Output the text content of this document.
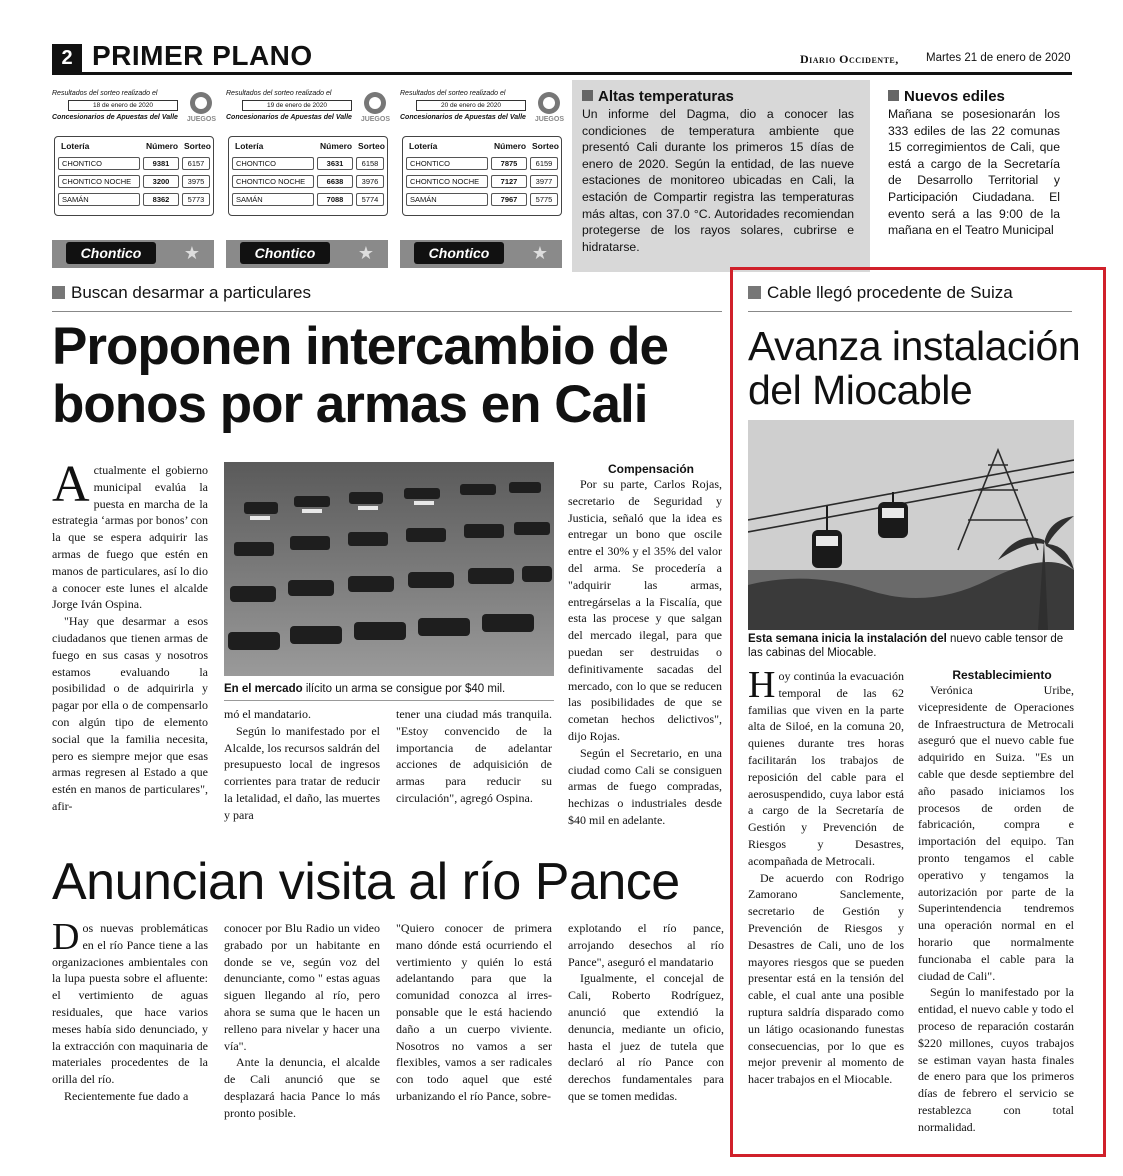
2 PRIMER PLANO	Diario Occidente, Martes 21 de enero de 2020
Resultados del sorteo realizado el
18 de enero de 2020
Concesionarios de Apuestas del Valle JUEGOS
Lotería	Número Sorteo
CHONTICO	9381	6157
CHONTICO NOCHE	3200	3975
SAMÁN	8362	5773
Chontico	★
Resultados del sorteo realizado el
19 de enero de 2020
Concesionarios de Apuestas del Valle JUEGOS
Lotería	Número Sorteo
CHONTICO	3631	6158
CHONTICO NOCHE	6638	3976
SAMÁN	7088	5774
Chontico	★
Resultados del sorteo realizado el
20 de enero de 2020
Concesionarios de Apuestas del Valle JUEGOS
Lotería	Número Sorteo
CHONTICO	7875	6159
CHONTICO NOCHE	7127	3977
SAMÁN	7967	5775
Chontico	★
Altas temperaturas
Un informe del Dagma, dio a conocer las condiciones de temperatura ambiente que presentó Cali durante los primeros 15 días de enero de 2020. Según la entidad, de las nueve estaciones de monitoreo ubicadas en Cali, la estación de Compartir registra las temperaturas más altas, con 37.0 °C. Autoridades recomiendan protegerse de los rayos solares, cubrirse e hidratarse.
Nuevos ediles
Mañana se posesionarán los 333 ediles de las 22 comunas 15 corregimientos de Cali, que está a cargo de la Secretaría de Desarrollo Territorial y Participación Ciudadana. El evento será a las 9:00 de la mañana en el Teatro Municipal
Buscan desarmar a particulares
Proponen intercambio de bonos por armas en Cali

Actualmente el gobierno municipal evalúa la puesta en marcha de la estrategia ‘armas por bonos’ con la que se espera adquirir las armas de fuego que estén en manos de particulares, así lo dio a conocer este lunes el alcalde Jorge Iván Ospina.

"Hay que desarmar a esos ciudadanos que tienen armas de fuego en sus casas y nosotros estamos evaluando la posibilidad o de adquirirla y pagar por ella o de compensarlo con algún tipo de elemento social que la familia necesita, pero es siempre mejor que esas armas regresen al Estado a que estén en manos de particulares", afir-

En el mercado ilícito un arma se consigue por $40 mil.

mó el mandatario.

Según lo manifestado por el Alcalde, los recursos saldrán del presupuesto local de ingresos corrientes para tratar de reducir la letalidad, el daño, las muertes y para

tener una ciudad más tranquila. "Estoy convencido de la importancia de adelantar acciones de adquisición de armas para reducir su circulación", agregó Ospina.

Compensación

Por su parte, Carlos Rojas, secretario de Seguridad y Justicia, señaló que la idea es entregar un bono que oscile entre el 30% y el 35% del valor del arma. Se procedería a "adquirir las armas, entregárselas a la Fiscalía, que esta las procese y que salgan del mercado ilegal, para que puedan ser destruidas o definitivamente sacadas del mercado, con lo que se reducen las posibilidades de que se cometan hechos delictivos", dijo Rojas.

Según el Secretario, en una ciudad como Cali se consiguen armas de fuego compradas, hechizas o industriales desde $40 mil en adelante.

Anuncian visita al río Pance

Dos nuevas problemáticas en el río Pance tiene a las organizaciones ambientales con la lupa puesta sobre el afluente: el vertimiento de aguas residuales, que hace varios meses había sido denunciado, y la extracción con maquinaria de materiales procedentes de la orilla del río.

Recientemente fue dado a

conocer por Blu Radio un video grabado por un habitante en donde se ve, según voz del denunciante, como " estas aguas siguen llegando al río, pero ahora se suma que le hacen un relleno para nivelar y hacer una vía".

Ante la denuncia, el alcalde de Cali anunció que se desplazará hacia Pance lo más pronto posible.

"Quiero conocer de primera mano dónde está ocurriendo el vertimiento y quién lo está adelantando para que la comunidad conozca al irres-ponsable que le está haciendo daño a un cuerpo viviente. Nosotros no vamos a ser flexibles, vamos a ser radicales con todo aquel que esté urbanizando el río Pance, sobre-

explotando el río pance, arrojando desechos al río Pance", aseguró el mandatario

Igualmente, el concejal de Cali, Roberto Rodríguez, anunció que extendió la denuncia, mediante un oficio, hasta el juez de tutela que declaró al río Pance con derechos fundamentales para que se tomen medidas.

Cable llegó procedente de Suiza
Avanza instalación del Miocable
Esta semana inicia la instalación del nuevo cable tensor de las cabinas del Miocable.

Hoy continúa la evacuación temporal de las 62 familias que viven en la parte alta de Siloé, en la comuna 20, quienes durante tres horas facilitarán los trabajos de reposición del cable para el aerosuspendido, cuya labor está a cargo de la Secretaría de Gestión y Prevención de Riesgos y Desastres, acompañada de Metrocali.

De acuerdo con Rodrigo Zamorano Sanclemente, secretario de Gestión y Prevención de Riesgos y Desastres de Cali, uno de los mayores riesgos que se pueden presentar está en la tensión del cable, el cual ante una posible ruptura saldría disparado como un látigo ocasionando funestas consecuencias, por lo que es mejor prevenir al momento de hacer trabajos en el Miocable.

Restablecimiento

Verónica Uribe, vicepresidente de Operaciones de Infraestructura de Metrocali aseguró que el nuevo cable fue adquirido en Suiza. "Es un cable que desde septiembre del año pasado iniciamos los procesos de orden de fabricación, compra e importación del equipo. Tan pronto tengamos el cable operativo y tengamos la autorización por parte de la Superintendencia tendremos una operación normal en el horario que normalmente funcionaba el cable para la ciudad de Cali".

Según lo manifestado por la entidad, el nuevo cable y todo el proceso de reparación costarán $220 millones, cuyos trabajos se estiman vayan hasta finales de enero para que los primeros días de febrero el servicio se restablezca con total normalidad.
